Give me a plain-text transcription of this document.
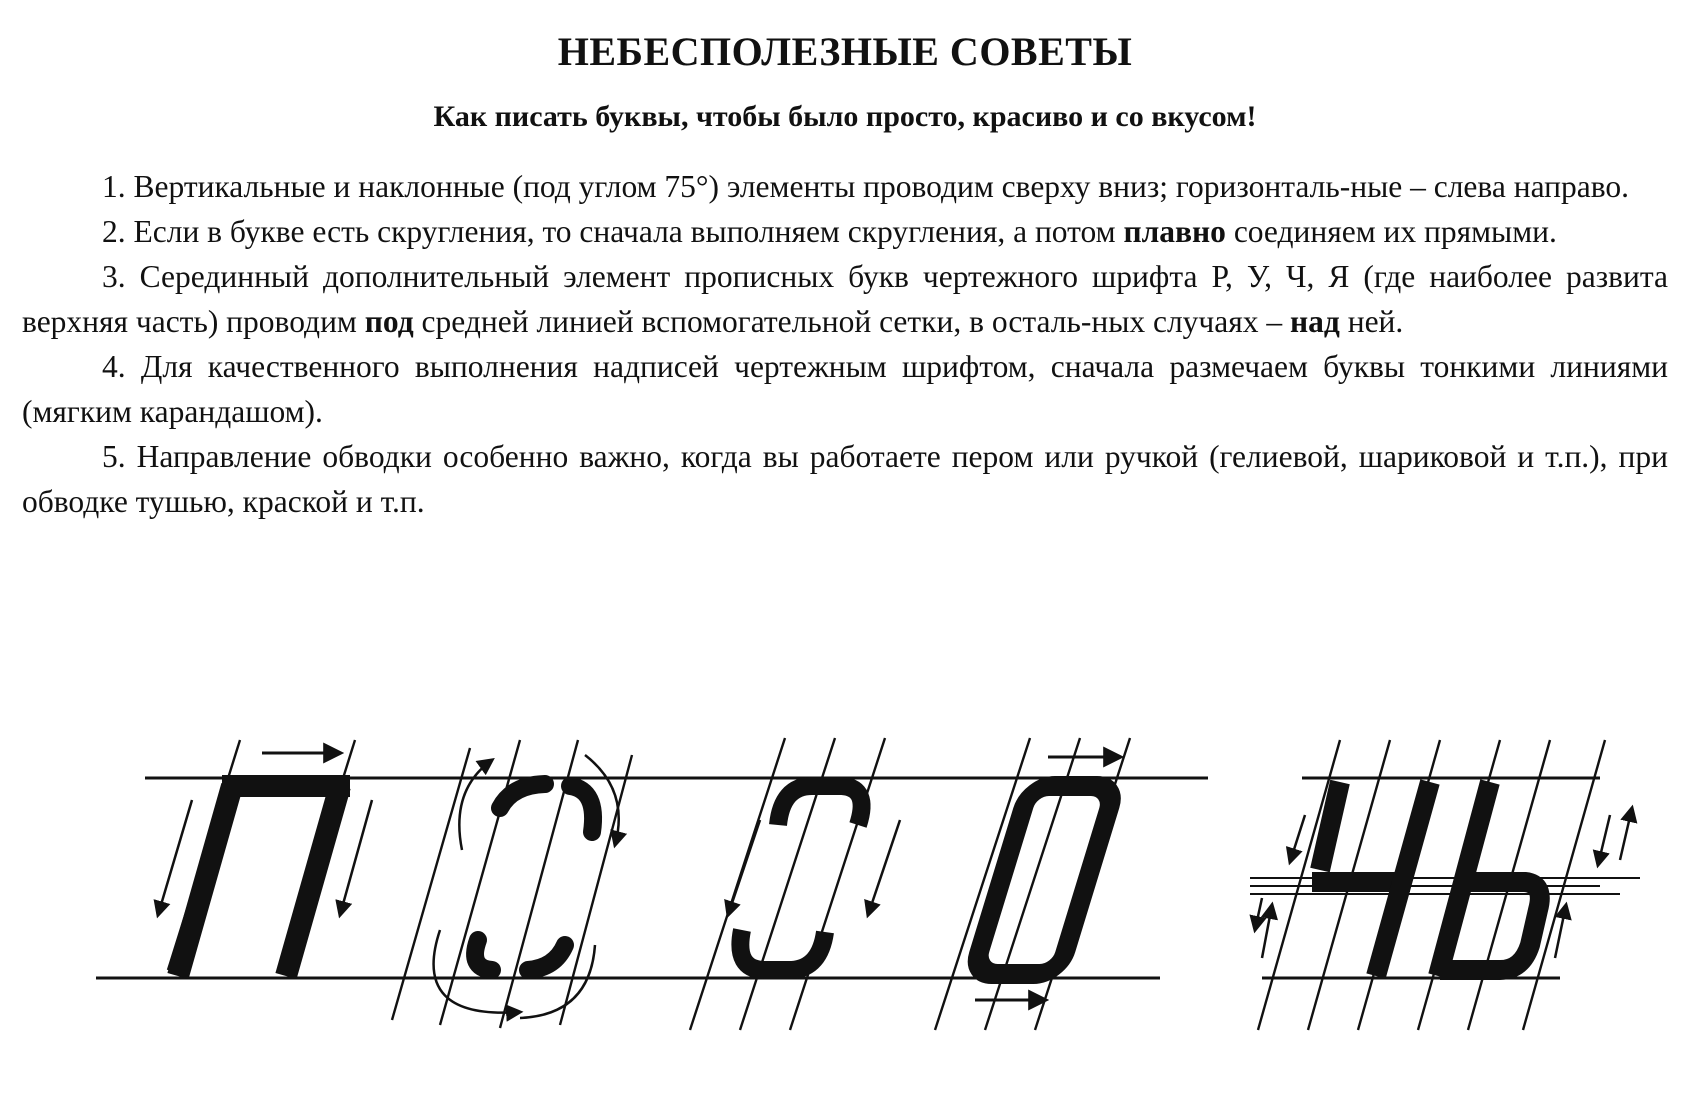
НЕБЕСПОЛЕЗНЫЕ СОВЕТЫ
Как писать буквы, чтобы было просто, красиво и со вкусом!

1. Вертикальные и наклонные (под углом 75°) элементы проводим сверху вниз; горизонталь-ные – слева направо.

2. Если в букве есть скругления, то сначала выполняем скругления, а потом плавно соединяем их прямыми.

3. Серединный дополнительный элемент прописных букв чертежного шрифта Р, У, Ч, Я (где наиболее развита верхняя часть) проводим под средней линией вспомогательной сетки, в осталь-ных случаях – над ней.

4. Для качественного выполнения надписей чертежным шрифтом, сначала размечаем буквы тонкими линиями (мягким карандашом).

5. Направление обводки особенно важно, когда вы работаете пером или ручкой (гелиевой, шариковой и т.п.), при обводке тушью, краской и т.п.
